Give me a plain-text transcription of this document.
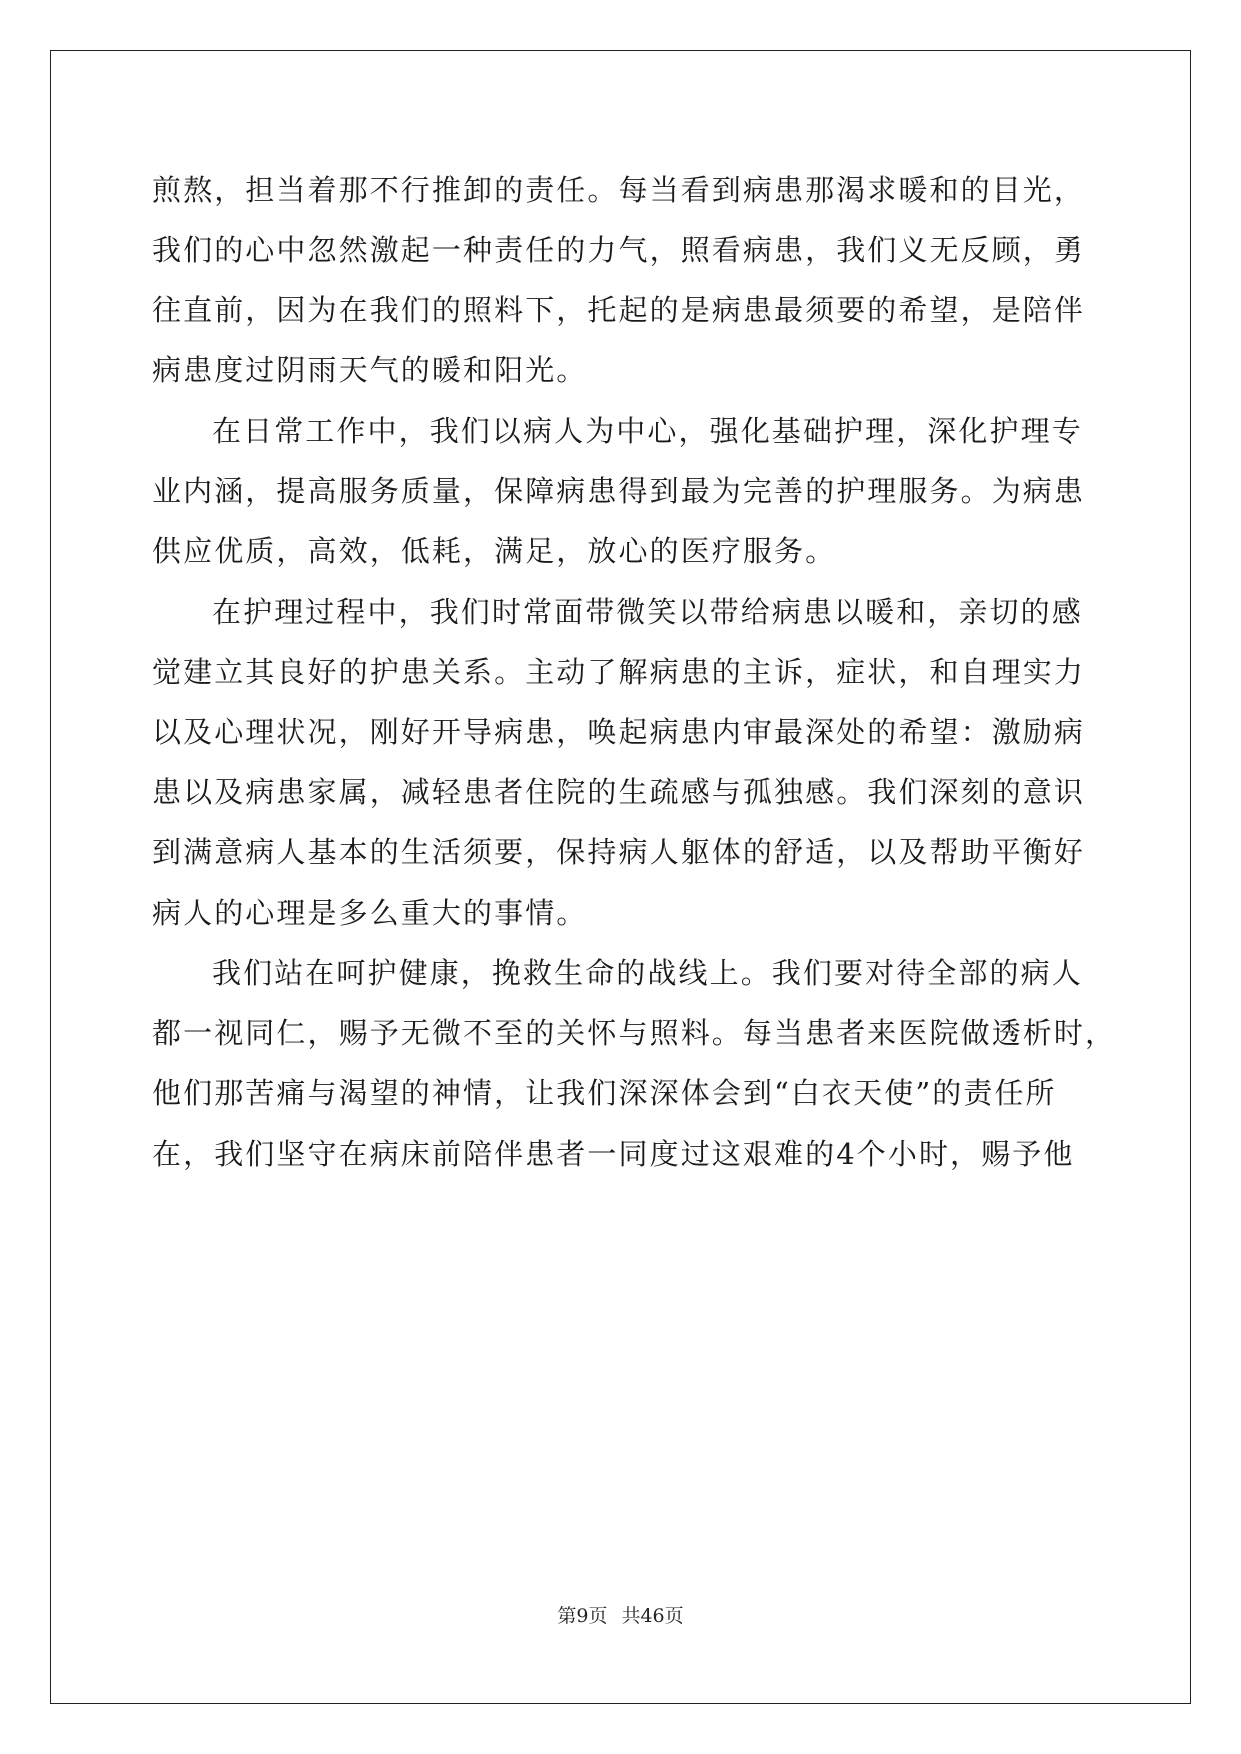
煎熬，担当着那不行推卸的责任。每当看到病患那渴求暖和的目光，
我们的心中忽然激起一种责任的力气，照看病患，我们义无反顾，勇
往直前，因为在我们的照料下，托起的是病患最须要的希望，是陪伴
病患度过阴雨天气的暖和阳光。
在日常工作中，我们以病人为中心，强化基础护理，深化护理专
业内涵，提高服务质量，保障病患得到最为完善的护理服务。为病患
供应优质，高效，低耗，满足，放心的医疗服务。
在护理过程中，我们时常面带微笑以带给病患以暖和，亲切的感
觉建立其良好的护患关系。主动了解病患的主诉，症状，和自理实力
以及心理状况，刚好开导病患，唤起病患内审最深处的希望：激励病
患以及病患家属，减轻患者住院的生疏感与孤独感。我们深刻的意识
到满意病人基本的生活须要，保持病人躯体的舒适，以及帮助平衡好
病人的心理是多么重大的事情。
我们站在呵护健康，挽救生命的战线上。我们要对待全部的病人
都一视同仁，赐予无微不至的关怀与照料。每当患者来医院做透析时，
他们那苦痛与渴望的神情，让我们深深体会到“白衣天使”的责任所
在，我们坚守在病床前陪伴患者一同度过这艰难的4个小时，赐予他
第9页 共46页
